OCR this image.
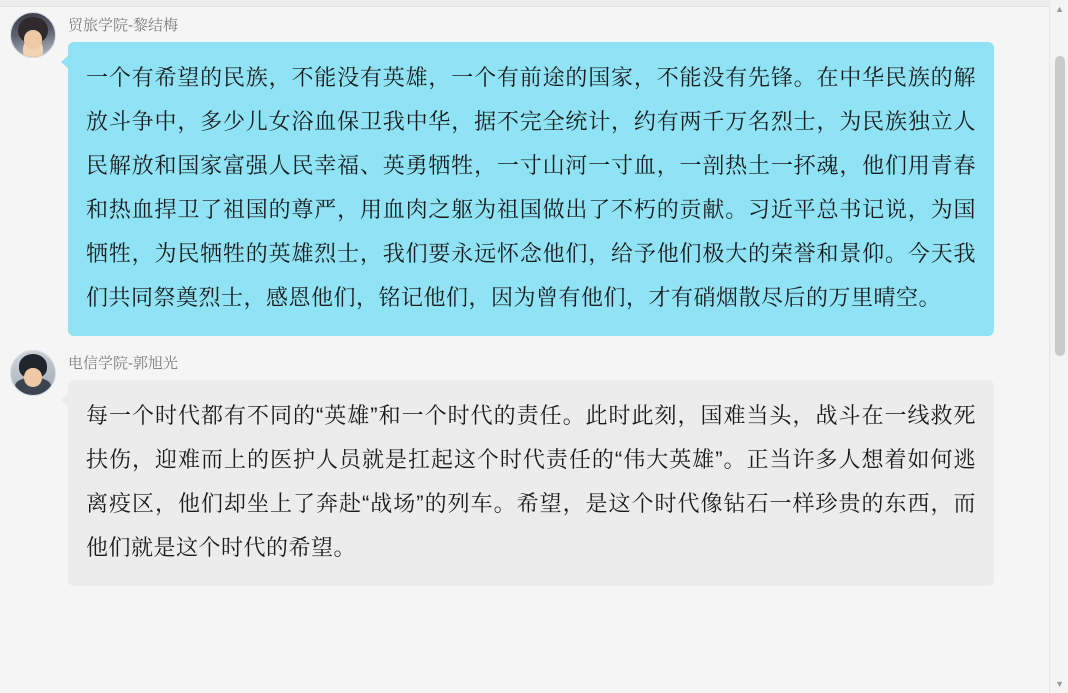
贸旅学院-黎结梅
一个有希望的民族，不能没有英雄，一个有前途的国家，不能没有先锋。在中华民族的解放斗争中，多少儿女浴血保卫我中华，据不完全统计，约有两千万名烈士，为民族独立人民解放和国家富强人民幸福、英勇牺牲，一寸山河一寸血，一剖热土一抔魂，他们用青春和热血捍卫了祖国的尊严，用血肉之躯为祖国做出了不朽的贡献。习近平总书记说，为国牺牲，为民牺牲的英雄烈士，我们要永远怀念他们，给予他们极大的荣誉和景仰。今天我们共同祭奠烈士，感恩他们，铭记他们，因为曾有他们，才有硝烟散尽后的万里晴空。
电信学院-郭旭光
每一个时代都有不同的“英雄”和一个时代的责任。此时此刻，国难当头，战斗在一线救死扶伤，迎难而上的医护人员就是扛起这个时代责任的“伟大英雄”。正当许多人想着如何逃离疫区，他们却坐上了奔赴“战场”的列车。希望，是这个时代像钻石一样珍贵的东西，而他们就是这个时代的希望。
▲
▼
